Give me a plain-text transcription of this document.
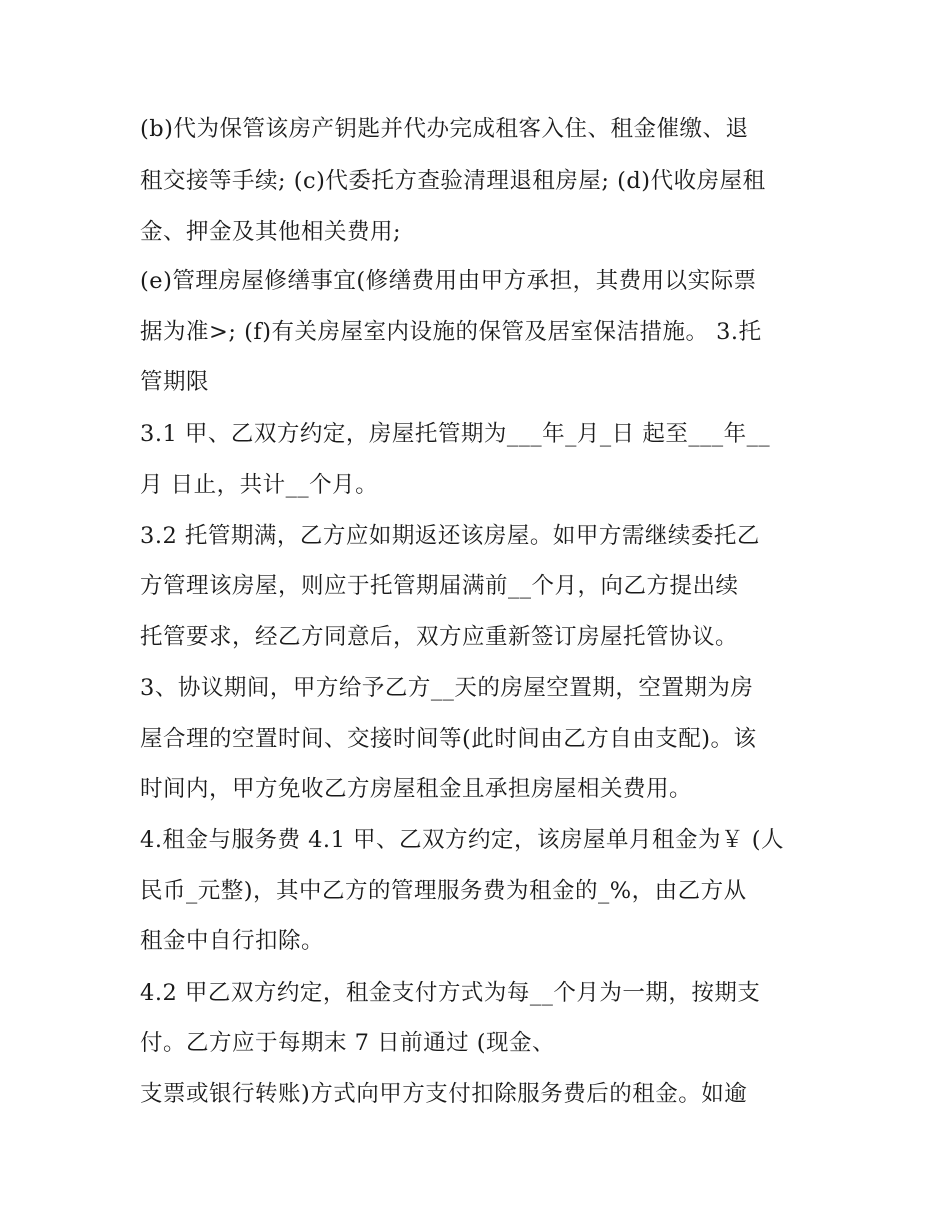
(b)代为保管该房产钥匙并代办完成租客入住、租金催缴、退
租交接等手续; (c)代委托方查验清理退租房屋; (d)代收房屋租
金、押金及其他相关费用;
(e)管理房屋修缮事宜(修缮费用由甲方承担，其费用以实际票
据为准>; (f)有关房屋室内设施的保管及居室保洁措施。 3.托
管期限
3.1 甲、乙双方约定，房屋托管期为___年_月_日 起至___年__
月 日止，共计__个月。
3.2 托管期满，乙方应如期返还该房屋。如甲方需继续委托乙
方管理该房屋，则应于托管期届满前__个月，向乙方提出续
托管要求，经乙方同意后，双方应重新签订房屋托管协议。
3、协议期间，甲方给予乙方__天的房屋空置期，空置期为房
屋合理的空置时间、交接时间等(此时间由乙方自由支配)。该
时间内，甲方免收乙方房屋租金且承担房屋相关费用。
4.租金与服务费 4.1 甲、乙双方约定，该房屋单月租金为￥ (人
民币_元整)，其中乙方的管理服务费为租金的_%，由乙方从
租金中自行扣除。
4.2 甲乙双方约定，租金支付方式为每__个月为一期，按期支
付。乙方应于每期末 7 日前通过 (现金、
支票或银行转账)方式向甲方支付扣除服务费后的租金。如逾
